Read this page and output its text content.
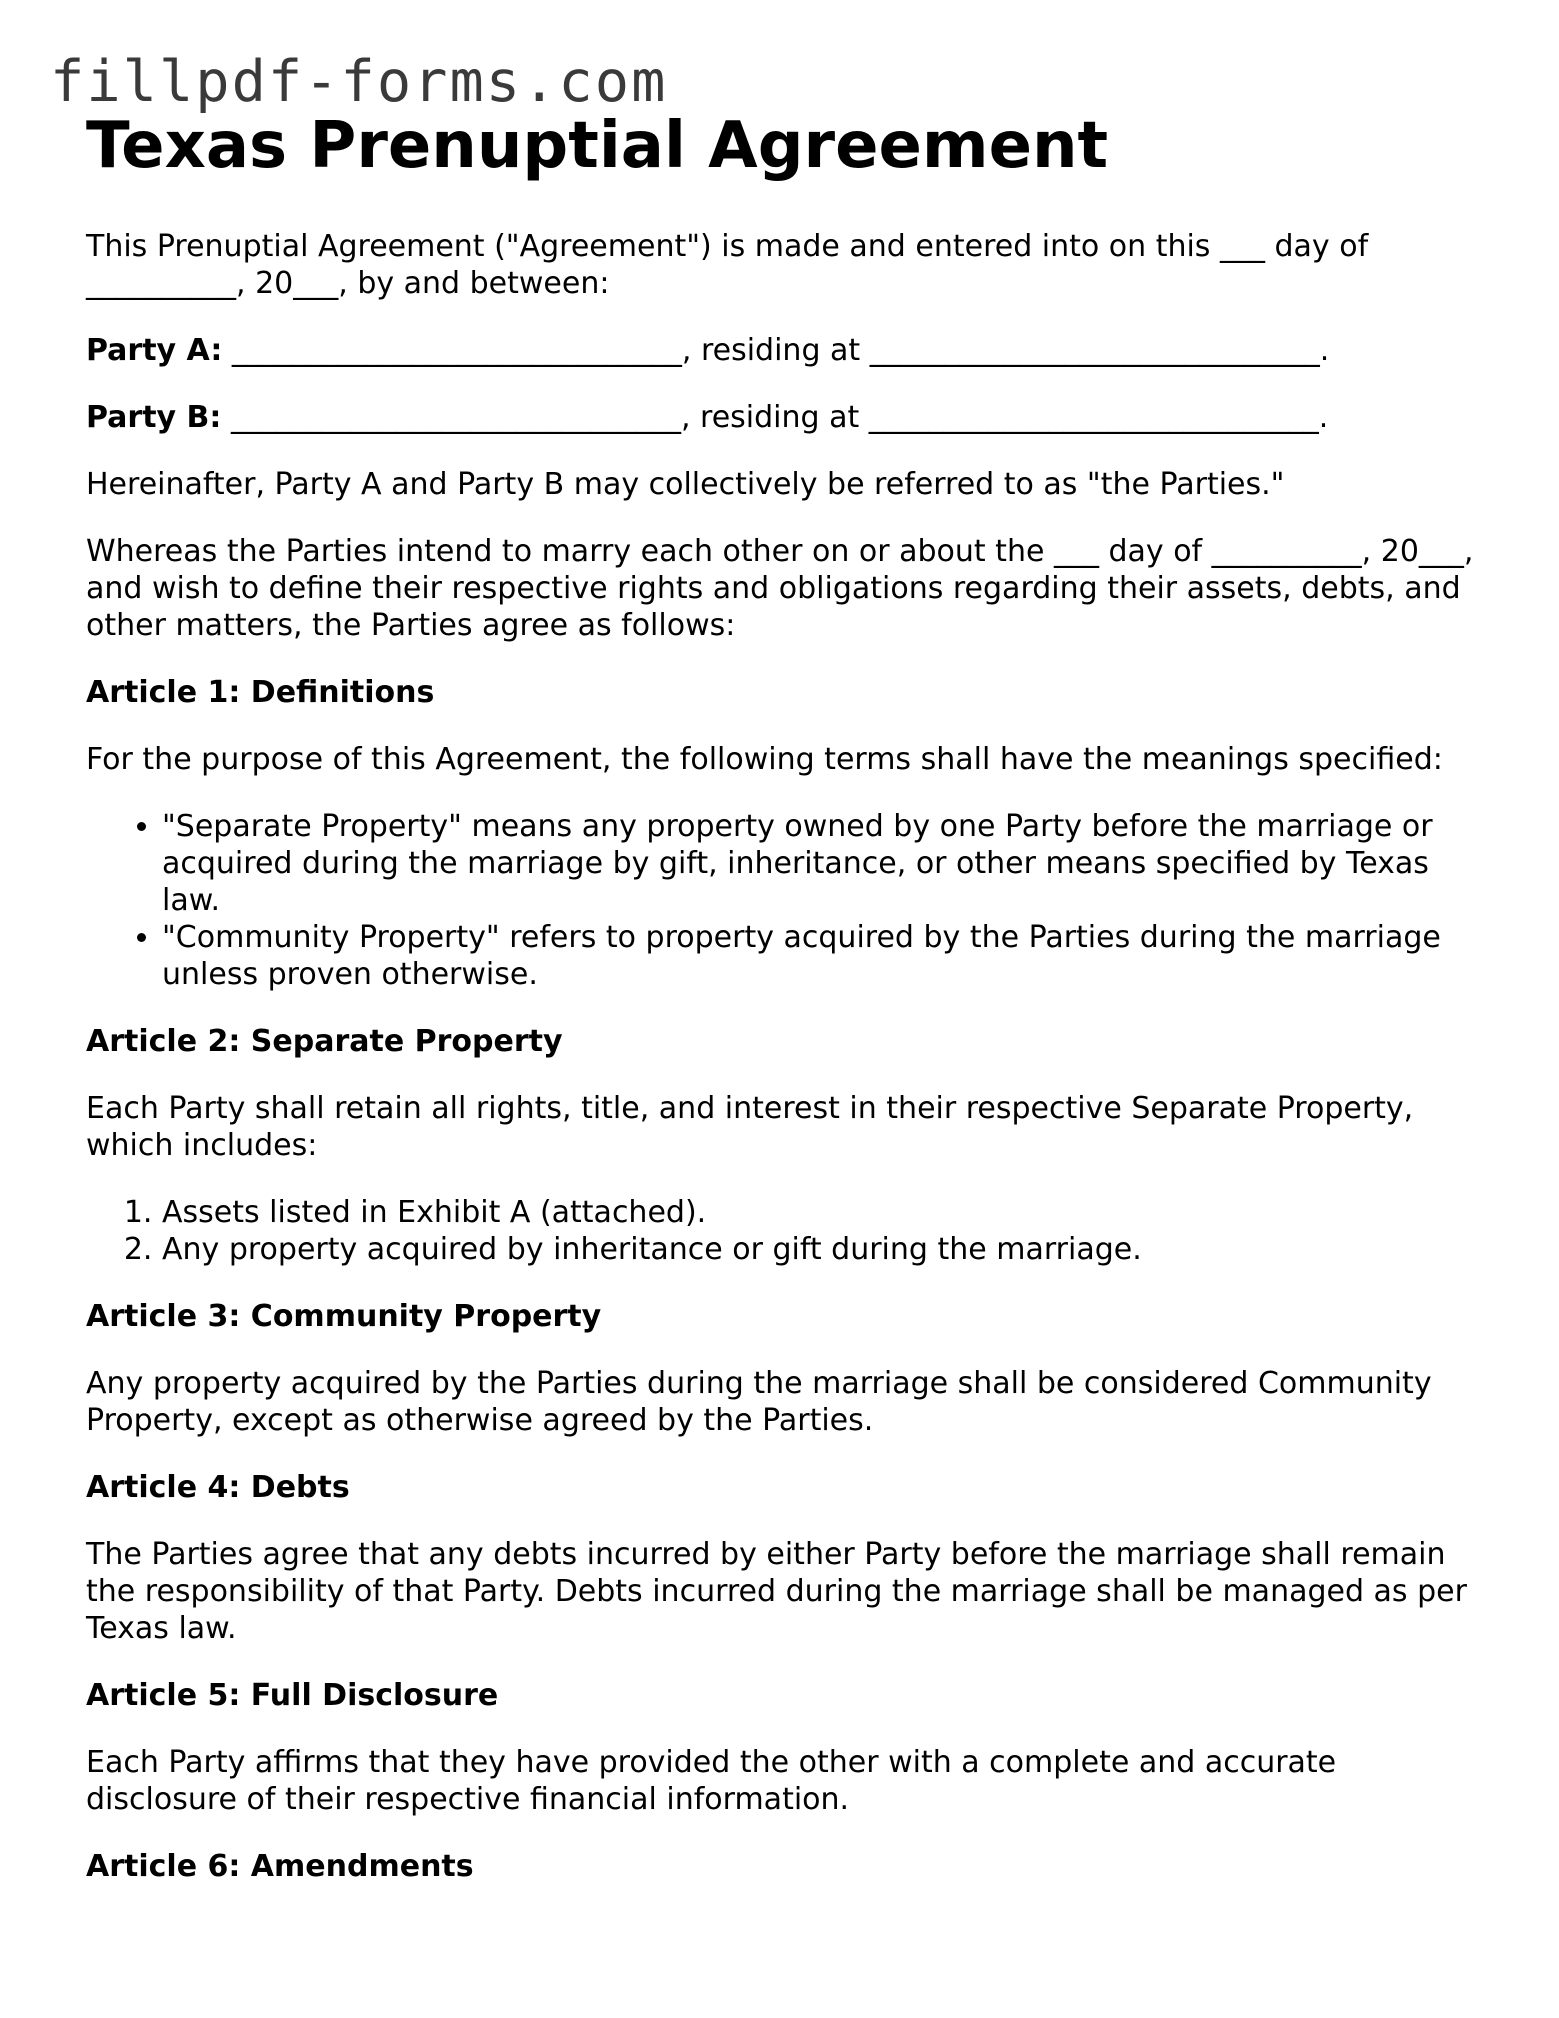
fillpdf-forms.com
Texas Prenuptial Agreement

This Prenuptial Agreement ("Agreement") is made and entered into on this ___ day of __________, 20___, by and between:

Party A: ______________________________, residing at ______________________________.

Party B: ______________________________, residing at ______________________________.

Hereinafter, Party A and Party B may collectively be referred to as "the Parties."

Whereas the Parties intend to marry each other on or about the ___ day of __________, 20___, and wish to define their respective rights and obligations regarding their assets, debts, and other matters, the Parties agree as follows:

Article 1: Definitions

For the purpose of this Agreement, the following terms shall have the meanings specified:

• "Separate Property" means any property owned by one Party before the marriage or acquired during the marriage by gift, inheritance, or other means specified by Texas law.
• "Community Property" refers to property acquired by the Parties during the marriage unless proven otherwise.
Article 2: Separate Property

Each Party shall retain all rights, title, and interest in their respective Separate Property, which includes:

1. Assets listed in Exhibit A (attached).
2. Any property acquired by inheritance or gift during the marriage.
Article 3: Community Property

Any property acquired by the Parties during the marriage shall be considered Community Property, except as otherwise agreed by the Parties.

Article 4: Debts

The Parties agree that any debts incurred by either Party before the marriage shall remain the responsibility of that Party. Debts incurred during the marriage shall be managed as per Texas law.

Article 5: Full Disclosure

Each Party affirms that they have provided the other with a complete and accurate disclosure of their respective financial information.

Article 6: Amendments
